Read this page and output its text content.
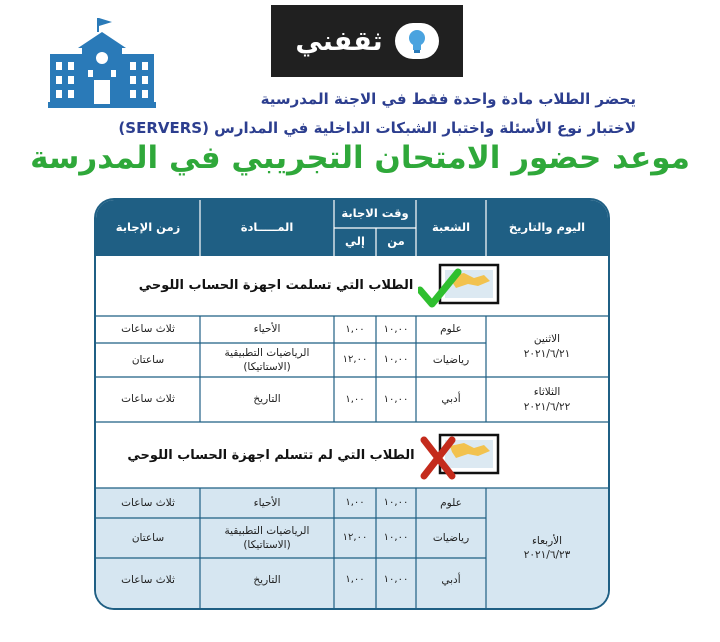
ثقفني
يحضر الطلاب مادة واحدة فقط في الاجنة المدرسية
لاختبار نوع الأسئلة واختبار الشبكات الداخلية في المدارس (SERVERS)
موعد حضور الامتحان التجريبي في المدرسة
اليوم والتاريخ
الشعبة
وقت الاجابة
من
إلي
المـــــادة
زمن الإجابة
الطلاب التي تسلمت اجهزة الحساب اللوحي
علوم
١٠,٠٠
١,٠٠
الأحياء
ثلاث ساعات
رياضيات
١٠,٠٠
١٢,٠٠
الرياضيات التطبيقية (الاستاتيكا)
ساعتان
أدبي
١٠,٠٠
١,٠٠
التاريخ
ثلاث ساعات
الاثنين
٢٠٢١/٦/٢١
الثلاثاء
٢٠٢١/٦/٢٢
الطلاب التي لم تتسلم اجهزة الحساب اللوحي
علوم
١٠,٠٠
١,٠٠
الأحياء
ثلاث ساعات
رياضيات
١٠,٠٠
١٢,٠٠
الرياضيات التطبيقية (الاستاتيكا)
ساعتان
أدبي
١٠,٠٠
١,٠٠
التاريخ
ثلاث ساعات
الأربعاء
٢٠٢١/٦/٢٣
